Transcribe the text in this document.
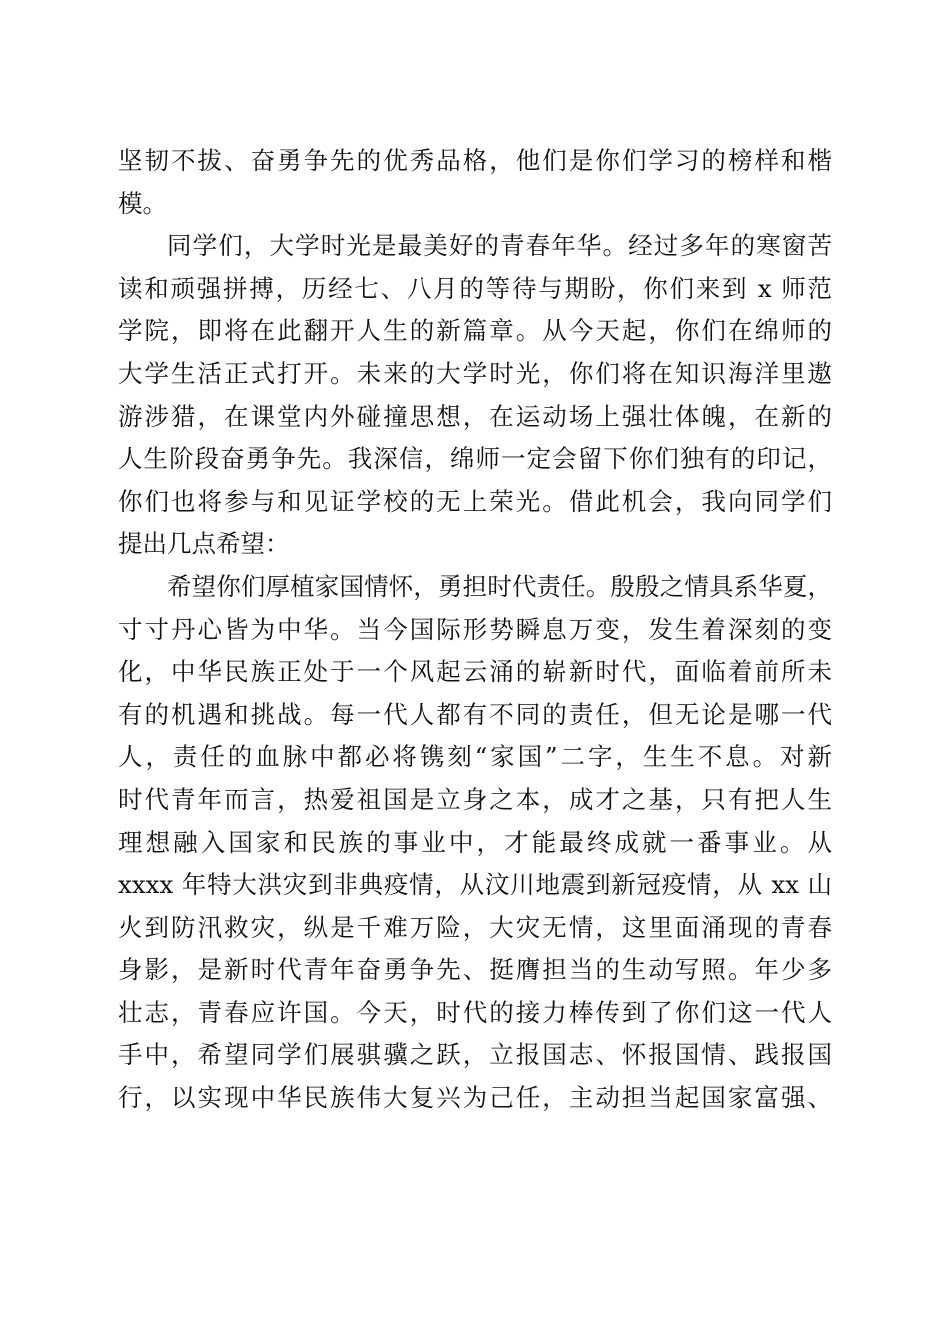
坚韧不拔、奋勇争先的优秀品格，他们是你们学习的榜样和楷
模。
同学们，大学时光是最美好的青春年华。经过多年的寒窗苦
读和顽强拼搏，历经七、八月的等待与期盼，你们来到 x 师范
学院，即将在此翻开人生的新篇章。从今天起，你们在绵师的
大学生活正式打开。未来的大学时光，你们将在知识海洋里遨
游涉猎，在课堂内外碰撞思想，在运动场上强壮体魄，在新的
人生阶段奋勇争先。我深信，绵师一定会留下你们独有的印记，
你们也将参与和见证学校的无上荣光。借此机会，我向同学们
提出几点希望：
希望你们厚植家国情怀，勇担时代责任。殷殷之情具系华夏，
寸寸丹心皆为中华。当今国际形势瞬息万变，发生着深刻的变
化，中华民族正处于一个风起云涌的崭新时代，面临着前所未
有的机遇和挑战。每一代人都有不同的责任，但无论是哪一代
人，责任的血脉中都必将镌刻“家国”二字，生生不息。对新
时代青年而言，热爱祖国是立身之本，成才之基，只有把人生
理想融入国家和民族的事业中，才能最终成就一番事业。从
xxxx 年特大洪灾到非典疫情，从汶川地震到新冠疫情，从 xx 山
火到防汛救灾，纵是千难万险，大灾无情，这里面涌现的青春
身影，是新时代青年奋勇争先、挺膺担当的生动写照。年少多
壮志，青春应许国。今天，时代的接力棒传到了你们这一代人
手中，希望同学们展骐骥之跃，立报国志、怀报国情、践报国
行，以实现中华民族伟大复兴为己任，主动担当起国家富强、
